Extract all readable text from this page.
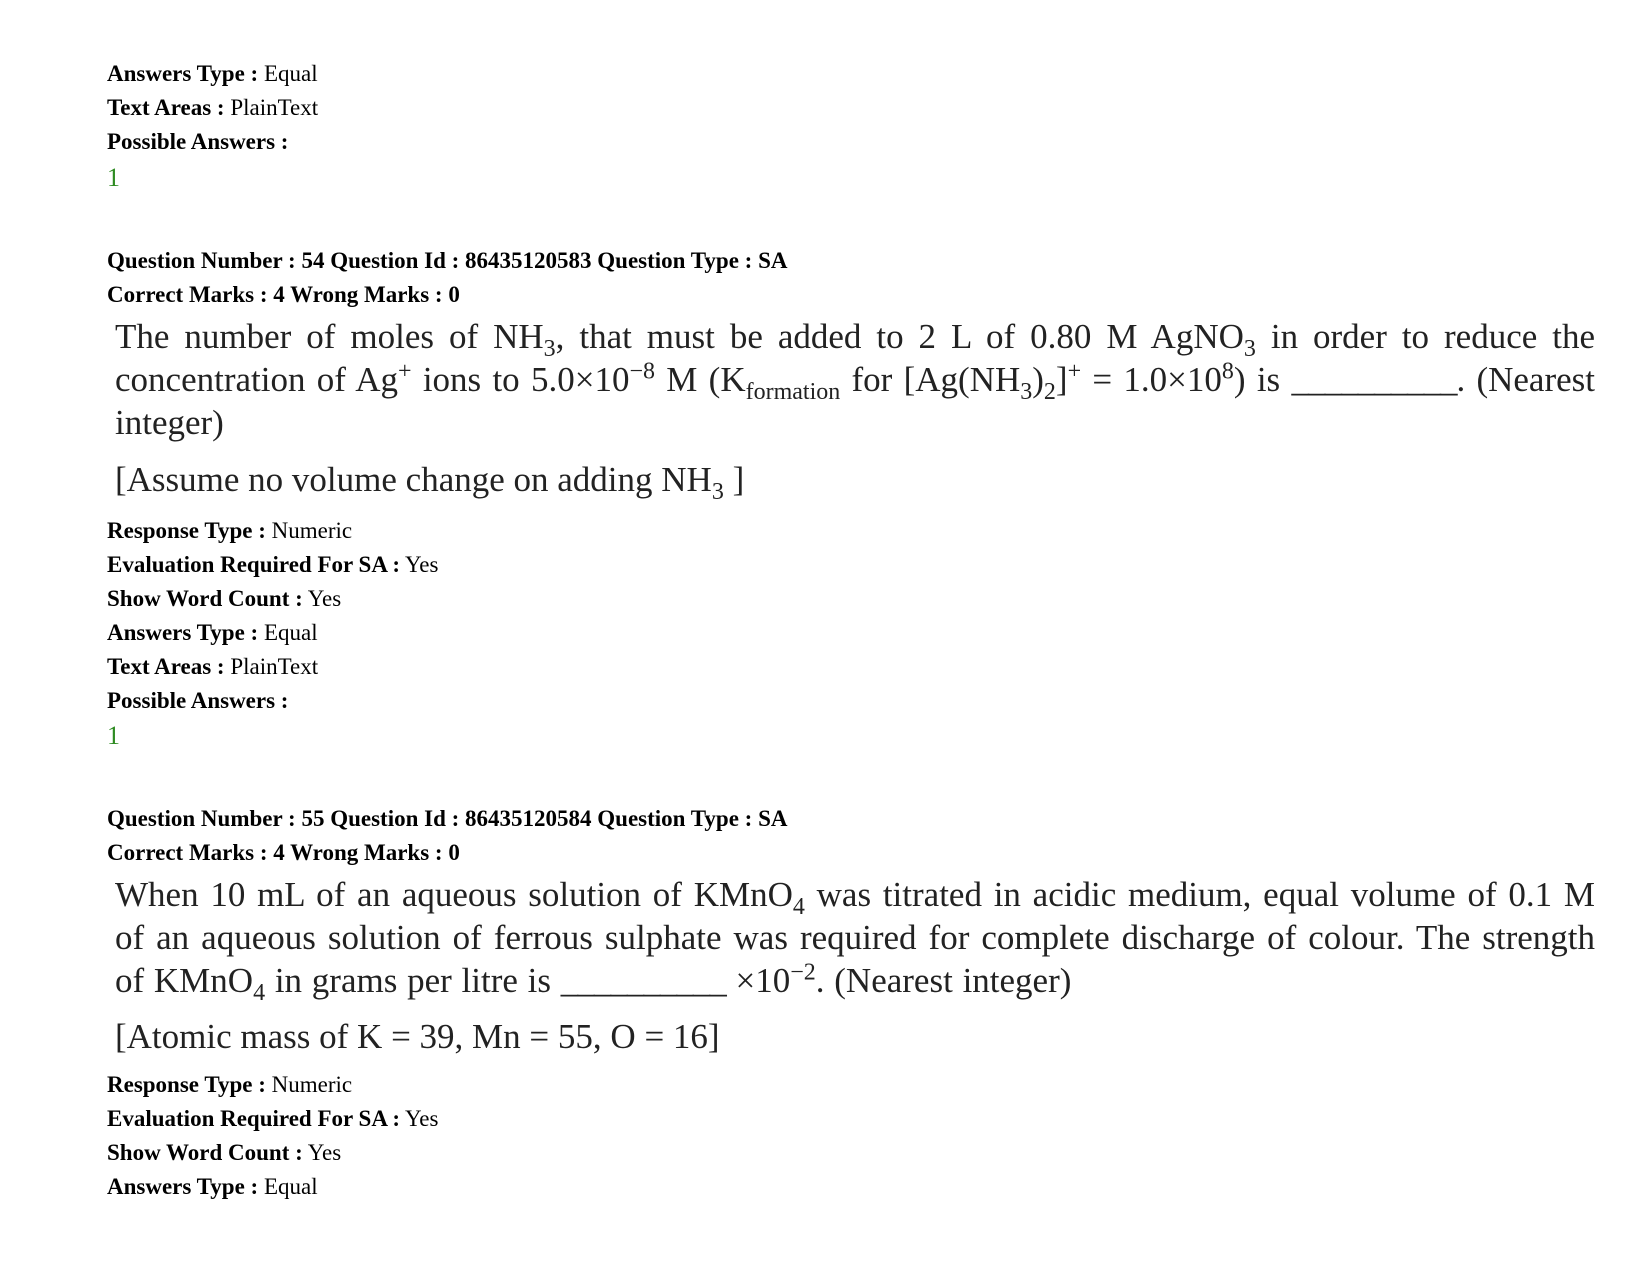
Answers Type : Equal
Text Areas : PlainText
Possible Answers :
1
Question Number : 54 Question Id : 86435120583 Question Type : SA
Correct Marks : 4 Wrong Marks : 0

The number of moles of $NH_3$, that must be added to 2 L of 0.80 M AgNO$_3$ in order to reduce the concentration of Ag+ ions to $5.0\times 10^{-8}$ M ($K_{formation}$ for $[Ag(NH_3)_2]^+ = 1.0\times 10^8$) is __________. (Nearest integer)

[Assume no volume change on adding $NH_3$ ]
Response Type : Numeric
Evaluation Required For SA : Yes
Show Word Count : Yes
Answers Type : Equal
Text Areas : PlainText
Possible Answers :
1
Question Number : 55 Question Id : 86435120584 Question Type : SA
Correct Marks : 4 Wrong Marks : 0

When 10 mL of an aqueous solution of KMnO$_4$ was titrated in acidic medium, equal volume of 0.1 M of an aqueous solution of ferrous sulphate was required for complete discharge of colour. The strength of KMnO$_4$ in grams per litre is __________ $\times 10^{-2}$. (Nearest integer)

[Atomic mass of K = 39, Mn = 55, O = 16]
Response Type : Numeric
Evaluation Required For SA : Yes
Show Word Count : Yes
Answers Type : Equal
